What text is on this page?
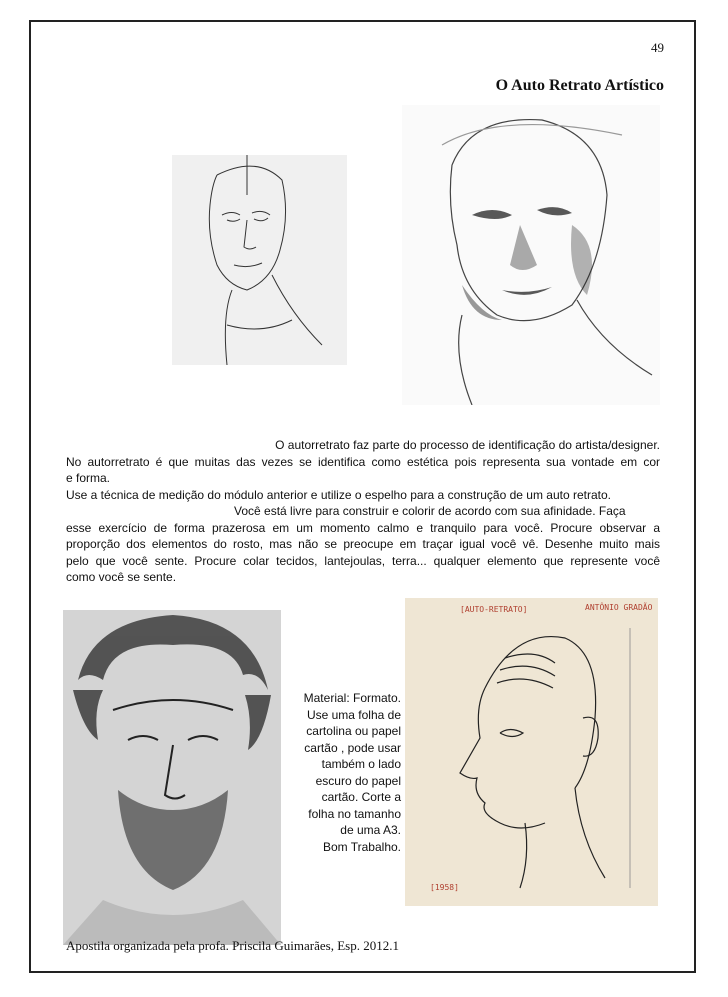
49
O Auto Retrato Artístico
O autorretrato faz parte do processo de identificação do artista/designer.
No autorretrato é que muitas das vezes se identifica como estética pois representa sua vontade em cor
e forma.
Use a técnica de medição do módulo anterior e utilize o espelho para a construção de um auto retrato.
Você está livre para construir e colorir de acordo com sua afinidade. Faça
esse exercício de forma prazerosa em um momento calmo e tranquilo para você. Procure observar a
proporção dos elementos do rosto, mas não se preocupe em traçar igual você vê. Desenhe muito mais
pelo que você sente. Procure colar tecidos, lantejoulas, terra... qualquer elemento que represente você
como você se sente.
Material: Formato.
Use uma folha de
cartolina ou papel
cartão , pode usar
também o lado
escuro do papel
cartão. Corte a
folha no tamanho
de uma A3.
Bom Trabalho.
[AUTO-RETRATO]	ANTÔNIO GRADÃO
[1958]
Apostila organizada pela profa. Priscila Guimarães, Esp. 2012.1
